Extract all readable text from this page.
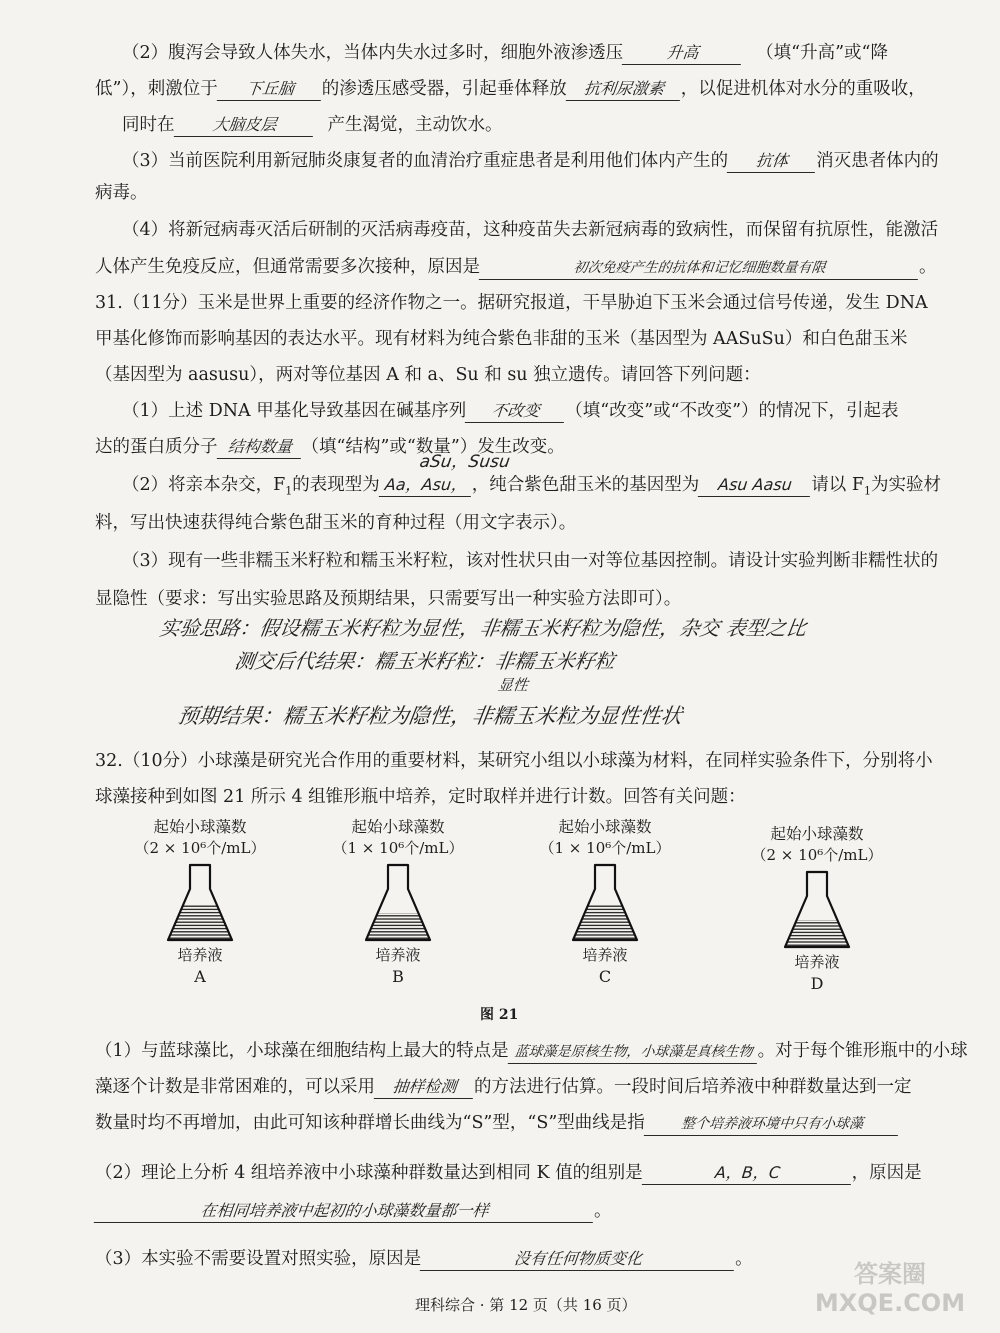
（2）腹泻会导致人体失水，当体内失水过多时，细胞外液渗透压	升高	（填“升高”或“降
低”），刺激位于 下丘脑 的渗透压感受器，引起垂体释放 抗利尿激素 ，以促进机体对水分的重吸收，
同时在 大脑皮层	产生渴觉，主动饮水。
（3）当前医院利用新冠肺炎康复者的血清治疗重症患者是利用他们体内产生的 抗体 消灭患者体内的
病毒。
（4）将新冠病毒灭活后研制的灭活病毒疫苗，这种疫苗失去新冠病毒的致病性，而保留有抗原性，能激活
人体产生免疫反应，但通常需要多次接种，原因是	初次免疫产生的抗体和记忆细胞数量有限	。
31.（11分）玉米是世界上重要的经济作物之一。据研究报道，干旱胁迫下玉米会通过信号传递，发生 DNA
甲基化修饰而影响基因的表达水平。现有材料为纯合紫色非甜的玉米（基因型为 AASuSu）和白色甜玉米
（基因型为 aasusu），两对等位基因 A 和 a、Su 和 su 独立遗传。请回答下列问题：
（1）上述 DNA 甲基化导致基因在碱基序列 不改变 （填“改变”或“不改变”）的情况下，引起表
达的蛋白质分子 结构数量 （填“结构”或“数量”）发生改变。
aSu，Susu
（2）将亲本杂交，$F_1$的表现型为 Aa，Asu， ，纯合紫色甜玉米的基因型为 Asu Aasu 请以 $F_1$为实验材
料，写出快速获得纯合紫色甜玉米的育种过程（用文字表示）。
（3）现有一些非糯玉米籽粒和糯玉米籽粒，该对性状只由一对等位基因控制。请设计实验判断非糯性状的
显隐性（要求：写出实验思路及预期结果，只需要写出一种实验方法即可）。
实验思路：假设糯玉米籽粒为显性，非糯玉米籽粒为隐性，杂交 表型之比
测交后代结果：糯玉米籽粒：非糯玉米籽粒
显性
预期结果：糯玉米籽粒为隐性，非糯玉米粒为显性性状
32.（10分）小球藻是研究光合作用的重要材料，某研究小组以小球藻为材料，在同样实验条件下，分别将小
球藻接种到如图 21 所示 4 组锥形瓶中培养，定时取样并进行计数。回答有关问题：
起始小球藻数
（2 × 10⁶个/mL）
培养液
A
起始小球藻数
（1 × 10⁶个/mL）
培养液
B
起始小球藻数
（1 × 10⁶个/mL）
培养液
C
起始小球藻数
（2 × 10⁶个/mL）
培养液
D
图 21
（1）与蓝球藻比，小球藻在细胞结构上最大的特点是 蓝球藻是原核生物，小球藻是真核生物 。对于每个锥形瓶中的小球
藻逐个计数是非常困难的，可以采用 抽样检测 的方法进行估算。一段时间后培养液中种群数量达到一定
数量时均不再增加，由此可知该种群增长曲线为“S”型，“S”型曲线是指	整个培养液环境中只有小球藻
（2）理论上分析 4 组培养液中小球藻种群数量达到相同 K 值的组别是	A，B，C	，原因是
在相同培养液中起初的小球藻数量都一样	。
（3）本实验不需要设置对照实验，原因是	没有任何物质变化	。
理科综合 · 第 12 页（共 16 页）
答案圈 MXQE.COM
